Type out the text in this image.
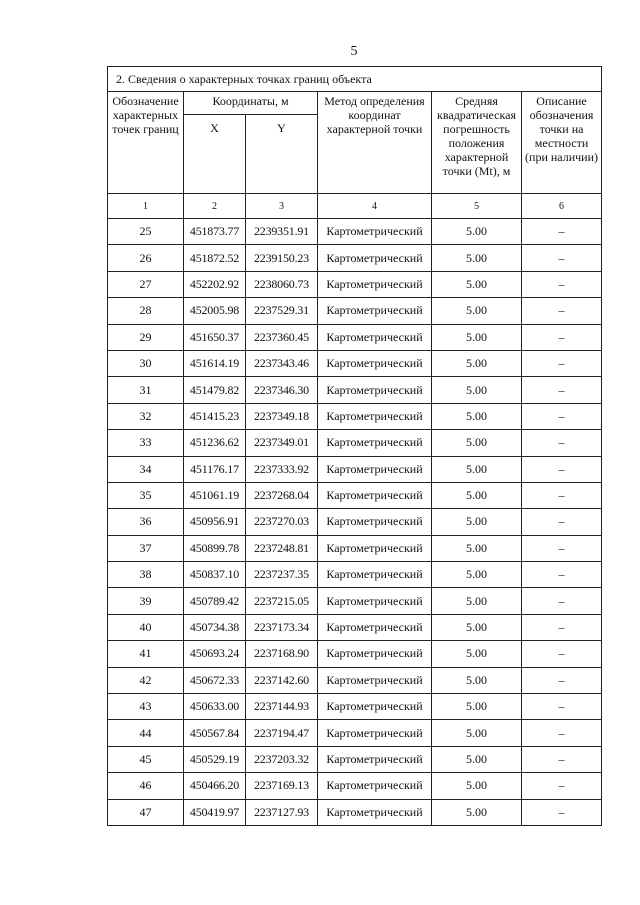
5
2. Сведения о характерных точках границ объекта					
Обозначение характерных точек границ	Координаты, м		Метод определения координат характерной точки	Средняя квадратическая погрешность положения характерной точки (Mt), м	Описание обозначения точки на местности (при наличии)
	X	Y			
1	2	3	4	5	6
25	451873.77	2239351.91	Картометрический	5.00	–
26	451872.52	2239150.23	Картометрический	5.00	–
27	452202.92	2238060.73	Картометрический	5.00	–
28	452005.98	2237529.31	Картометрический	5.00	–
29	451650.37	2237360.45	Картометрический	5.00	–
30	451614.19	2237343.46	Картометрический	5.00	–
31	451479.82	2237346.30	Картометрический	5.00	–
32	451415.23	2237349.18	Картометрический	5.00	–
33	451236.62	2237349.01	Картометрический	5.00	–
34	451176.17	2237333.92	Картометрический	5.00	–
35	451061.19	2237268.04	Картометрический	5.00	–
36	450956.91	2237270.03	Картометрический	5.00	–
37	450899.78	2237248.81	Картометрический	5.00	–
38	450837.10	2237237.35	Картометрический	5.00	–
39	450789.42	2237215.05	Картометрический	5.00	–
40	450734.38	2237173.34	Картометрический	5.00	–
41	450693.24	2237168.90	Картометрический	5.00	–
42	450672.33	2237142.60	Картометрический	5.00	–
43	450633.00	2237144.93	Картометрический	5.00	–
44	450567.84	2237194.47	Картометрический	5.00	–
45	450529.19	2237203.32	Картометрический	5.00	–
46	450466.20	2237169.13	Картометрический	5.00	–
47	450419.97	2237127.93	Картометрический	5.00	–
